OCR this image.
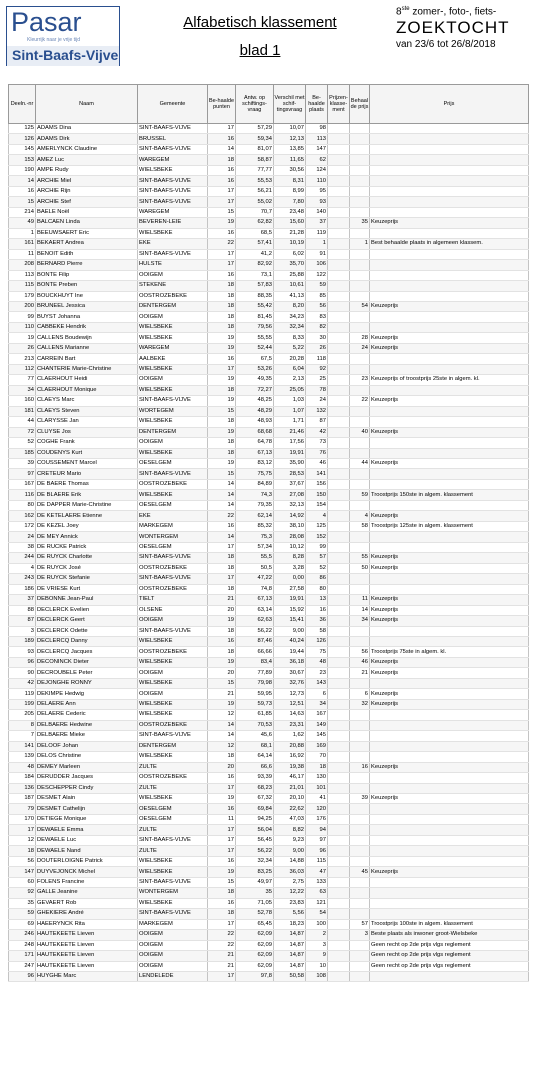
Pasar
Kleurrijk naar je vrije tijd
Sint-Baafs-Vijve
Alfabetisch klassement
blad 1
8ste zomer-, foto-, fiets-
ZOEKTOCHT
van 23/6 tot 26/8/2018
Deeln.-nr	Naam	Gemeente	Be-haalde punten	Antw. op schiftings-vraag	Verschil met schif-tingsvraag	Be-haalde plaats	Prijzen-klasse-ment	Behaal de prijs	Prijs
125	ADAMS Dina	SINT-BAAFS-VIJVE	17	57,29	10,07	98			
126	ADAMS Dirk	BRUSSEL	16	59,34	12,13	113			
145	AMERLYNCK Claudine	SINT-BAAFS-VIJVE	14	81,07	13,85	147			
153	AMEZ Luc	WAREGEM	18	58,87	11,65	62			
190	AMPE Rudy	WIELSBEKE	16	77,77	30,56	124			
14	ARCHIE Miel	SINT-BAAFS-VIJVE	16	55,53	8,31	110			
16	ARCHIE Rijn	SINT-BAAFS-VIJVE	17	56,21	8,99	95			
15	ARCHIE Stef	SINT-BAAFS-VIJVE	17	55,02	7,80	93			
214	BAELE Noël	WAREGEM	15	70,7	23,48	140			
49	BALCAEN Linda	BEVEREN-LEIE	19	62,82	15,60	37		35	Keuzeprijs
1	BEEUWSAERT Eric	WIELSBEKE	16	68,5	21,28	119			
161	BEKAERT Andrea	EKE	22	57,41	10,19	1		1	Best behaalde plaats in algemeen klassem.
11	BENOIT Edith	SINT-BAAFS-VIJVE	17	41,2	6,02	91			
208	BERNARD Pierre	HULSTE	17	82,92	35,70	106			
113	BONTE Filip	OOIGEM	16	73,1	25,88	122			
115	BONTE Preben	STEKENE	18	57,83	10,61	59			
179	BOUCKHUYT Ine	OOSTROZEBEKE	18	88,35	41,13	85			
200	BRUNEEL Jessica	DENTERGEM	18	55,42	8,20	56		54	Keuzeprijs
99	BUYST Johanna	OOIGEM	18	81,45	34,23	83			
110	CABBEKE Hendrik	WIELSBEKE	18	79,56	32,34	82			
19	CALLENS Boudewijn	WIELSBEKE	19	55,55	8,33	30		28	Keuzeprijs
26	CALLENS Marianne	WAREGEM	19	52,44	5,22	26		24	Keuzeprijs
213	CARREIN Bart	AALBEKE	16	67,5	20,28	118			
112	CHANTERIE Marie-Christine	WIELSBEKE	17	53,26	6,04	92			
77	CLAERHOUT Heidi	OOIGEM	19	49,35	2,13	25		23	Keuzeprijs of troostprijs 25ste in algem. kl.
34	CLAERHOUT Monique	WIELSBEKE	18	72,27	25,05	78			
160	CLAEYS Marc	SINT-BAAFS-VIJVE	19	48,25	1,03	24		22	Keuzeprijs
181	CLAEYS Steven	WORTEGEM	15	48,29	1,07	132			
44	CLARYSSE Jan	WIELSBEKE	18	48,93	1,71	87			
72	CLUYSE Jos	DENTERGEM	19	68,68	21,46	42		40	Keuzeprijs
52	COGHE Frank	OOIGEM	18	64,78	17,56	73			
185	COUDENYS Kurt	WIELSBEKE	18	67,13	19,91	76			
39	COUSSEMENT Marcel	OESELGEM	19	83,12	35,90	46		44	Keuzeprijs
97	CRETEUR Mario	SINT-BAAFS-VIJVE	15	75,75	28,53	141			
167	DE BAERE Thomas	OOSTROZEBEKE	14	84,89	37,67	156			
116	DE BLAERE Erik	WIELSBEKE	14	74,3	27,08	150		59	Troostprijs 150ste in algem. klassement
80	DE DAPPER Marie-Christine	OESELGEM	14	79,35	32,13	154			
162	DE KETELAERE Etienne	EKE	22	62,14	14,92	4		4	Keuzeprijs
172	DE KEZEL Joey	MARKEGEM	16	85,32	38,10	125		58	Troostprijs 125ste in algem. klassement
24	DE MEY Annick	WONTERGEM	14	75,3	28,08	152			
38	DE RUCKE Patrick	OESELGEM	17	57,34	10,12	99			
244	DE RUYCK Charlotte	SINT-BAAFS-VIJVE	18	55,5	8,28	57		55	Keuzeprijs
4	DE RUYCK José	OOSTROZEBEKE	18	50,5	3,28	52		50	Keuzeprijs
243	DE RUYCK Stefanie	SINT-BAAFS-VIJVE	17	47,22	0,00	86			
186	DE VRIESE Kurt	OOSTROZEBEKE	18	74,8	27,58	80			
37	DEBONNE Jean-Paul	TIELT	21	67,13	19,91	13		11	Keuzeprijs
88	DECLERCK Evelien	OLSENE	20	63,14	15,92	16		14	Keuzeprijs
87	DECLERCK Geert	OOIGEM	19	62,63	15,41	36		34	Keuzeprijs
3	DECLERCK Odette	SINT-BAAFS-VIJVE	18	56,22	9,00	58			
189	DECLERCQ Danny	WIELSBEKE	16	87,46	40,24	126			
93	DECLERCQ Jacques	OOSTROZEBEKE	18	66,66	19,44	75		56	Troostprijs 75ste in algem. kl.
96	DECONINCK Dieter	WIELSBEKE	19	83,4	36,18	48		46	Keuzeprijs
90	DECROUBELE Peter	OOIGEM	20	77,89	30,67	23		21	Keuzeprijs
42	DEJONGHE RONNY	WIELSBEKE	15	79,98	32,76	143			
119	DEKIMPE Hedwig	OOIGEM	21	59,95	12,73	6		6	Keuzeprijs
199	DELAERE Ann	WIELSBEKE	19	59,73	12,51	34		32	Keuzeprijs
205	DELAERE Cederic	WIELSBEKE	12	61,85	14,63	167			
8	DELBAERE Hedwine	OOSTROZEBEKE	14	70,53	23,31	149			
7	DELBAERE Mieke	SINT-BAAFS-VIJVE	14	45,6	1,62	145			
141	DELOOF Johan	DENTERGEM	12	68,1	20,88	169			
139	DELOS Christine	WIELSBEKE	18	64,14	16,92	70			
48	DEMEY Marleen	ZULTE	20	66,6	19,38	18		16	Keuzeprijs
184	DERUDDER Jacques	OOSTROZEBEKE	16	93,39	46,17	130			
136	DESCHEPPER Cindy	ZULTE	17	68,23	21,01	101			
187	DESMET Alain	WIELSBEKE	19	67,32	20,10	41		39	Keuzeprijs
79	DESMET Cathelijn	OESELGEM	16	69,84	22,62	120			
170	DETIEGE Monique	OESELGEM	11	94,25	47,03	176			
17	DEWAELE Emma	ZULTE	17	56,04	8,82	94			
12	DEWAELE Luc	SINT-BAAFS-VIJVE	17	56,45	9,23	97			
18	DEWAELE Nand	ZULTE	17	56,22	9,00	96			
56	DOUTERLOIGNE Patrick	WIELSBEKE	16	32,34	14,88	115			
147	DUYVEJONCK Michel	WIELSBEKE	19	83,25	36,03	47		45	Keuzeprijs
60	FOLENS Francine	SINT-BAAFS-VIJVE	15	49,97	2,75	133			
92	GALLE Jeanine	WONTERGEM	18	35	12,22	63			
35	GEVAERT Rob	WIELSBEKE	16	71,05	23,83	121			
59	GHEKIERE André	SINT-BAAFS-VIJVE	18	52,78	5,56	54			
69	HAEERYNCK Rita	MARKEGEM	17	65,45	18,23	100		57	Troostprijs 100ste in algem. klassement
246	HAUTEKEETE Lieven	OOIGEM	22	62,09	14,87	2		3	Beste plaats als inwoner groot-Wielsbeke
248	HAUTEKEETE Lieven	OOIGEM	22	62,09	14,87	3			Geen recht op 2de prijs vlgs reglement
171	HAUTEKEETE Lieven	OOIGEM	21	62,09	14,87	9			Geen recht op 2de prijs vlgs reglement
247	HAUTEKEETE Lieven	OOIGEM	21	62,09	14,87	10			Geen recht op 2de prijs vlgs reglement
96	HUYGHE Marc	LENDELEDE	17	97,8	50,58	108			
